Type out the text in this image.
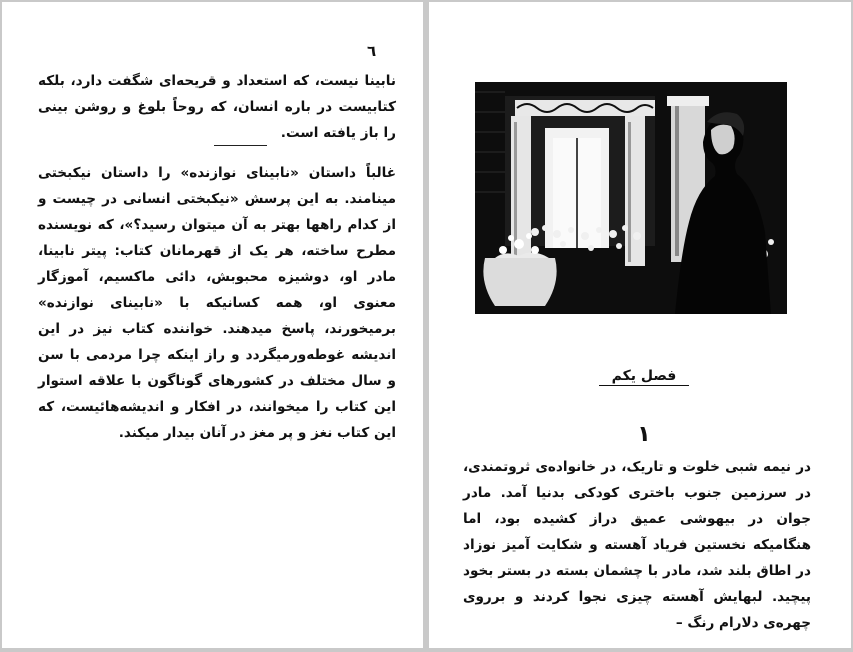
٦

نابینا نیست، که استعداد و قریحه‌ای شگفت دارد، بلکه کتابیست در باره انسان، که روحاً بلوغ و روشن بینی را باز یافته است.

غالباً داستان «نابینای نوازنده» را داستان نیکبختی مینامند. به این پرسش «نیکبختی انسانی در چیست و از کدام راهها بهتر به آن میتوان رسید؟»، که نویسنده مطرح ساخته، هر یک از قهرمانان کتاب: پیتر نابینا، مادر او، دوشیزه محبوبش، دائی ماکسیم، آموزگار معنوی او، همه کسانیکه با «نابینای نوازنده» برمیخورند، پاسخ میدهند. خواننده کتاب نیز در این اندیشه غوطه‌ورمیگردد و راز اینکه چرا مردمی با سن و سال مختلف در کشورهای گوناگون با علاقه استوار این کتاب را میخوانند، در افکار و اندیشه‌هائیست، که این کتاب نغز و پر مغز در آنان بیدار میکند.

فصل یکم
۱

در نیمه شبی خلوت و تاریک، در خانواده‌ی ثروتمندی، در سرزمین جنوب باختری کودکی بدنیا آمد. مادر جوان در بیهوشی عمیق دراز کشیده بود، اما هنگامیکه نخستین فریاد آهسته و شکایت آمیز نوزاد در اطاق بلند شد، مادر با چشمان بسته در بستر بخود پیچید. لبهایش آهسته چیزی نجوا کردند و برروی چهره‌ی دلارام رنگ –
